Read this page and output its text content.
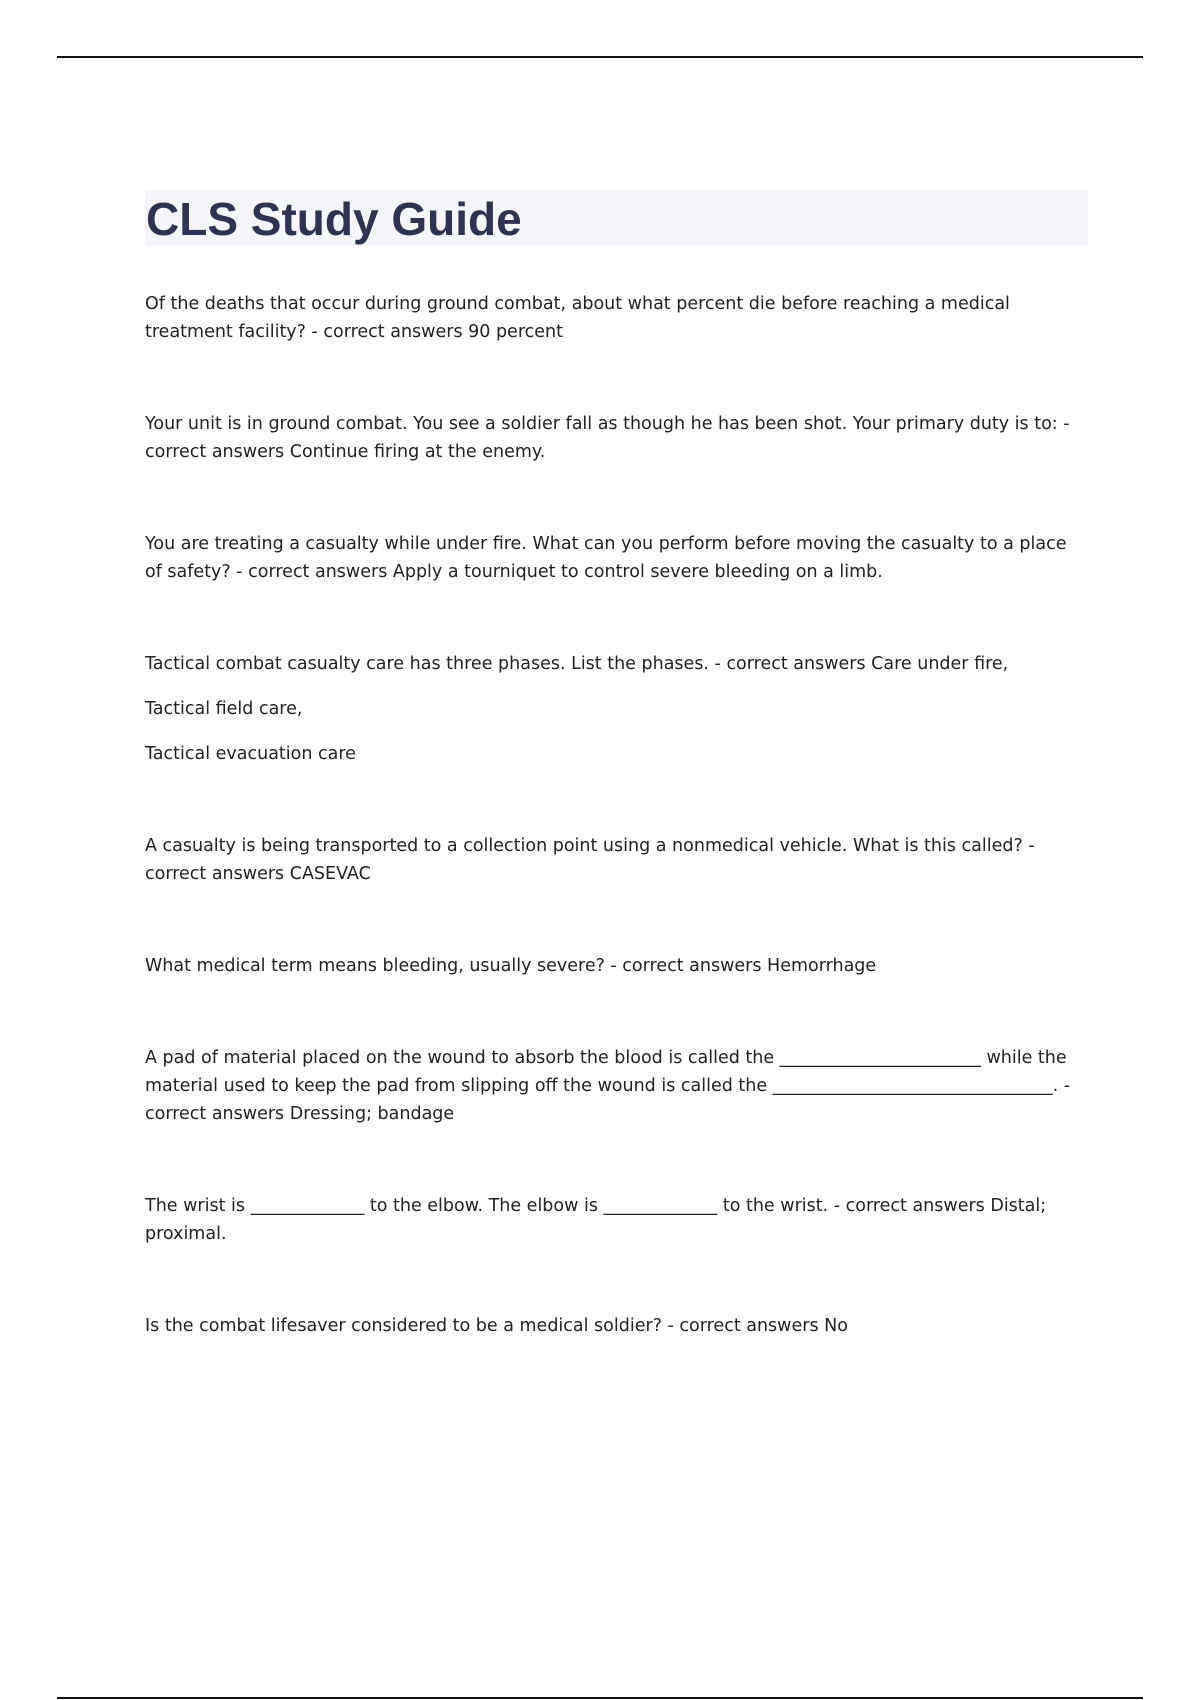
CLS Study Guide

Of the deaths that occur during ground combat, about what percent die before reaching a medical treatment facility? - correct answers 90 percent

Your unit is in ground combat. You see a soldier fall as though he has been shot. Your primary duty is to: - correct answers Continue firing at the enemy.

You are treating a casualty while under fire. What can you perform before moving the casualty to a place of safety? - correct answers Apply a tourniquet to control severe bleeding on a limb.

Tactical combat casualty care has three phases. List the phases. - correct answers Care under fire,

Tactical field care,

Tactical evacuation care

A casualty is being transported to a collection point using a nonmedical vehicle. What is this called? - correct answers CASEVAC

What medical term means bleeding, usually severe? - correct answers Hemorrhage

A pad of material placed on the wound to absorb the blood is called the _______________________ while the material used to keep the pad from slipping off the wound is called the ________________________________. - correct answers Dressing; bandage

The wrist is _____________ to the elbow. The elbow is _____________ to the wrist. - correct answers Distal; proximal.

Is the combat lifesaver considered to be a medical soldier? - correct answers No
